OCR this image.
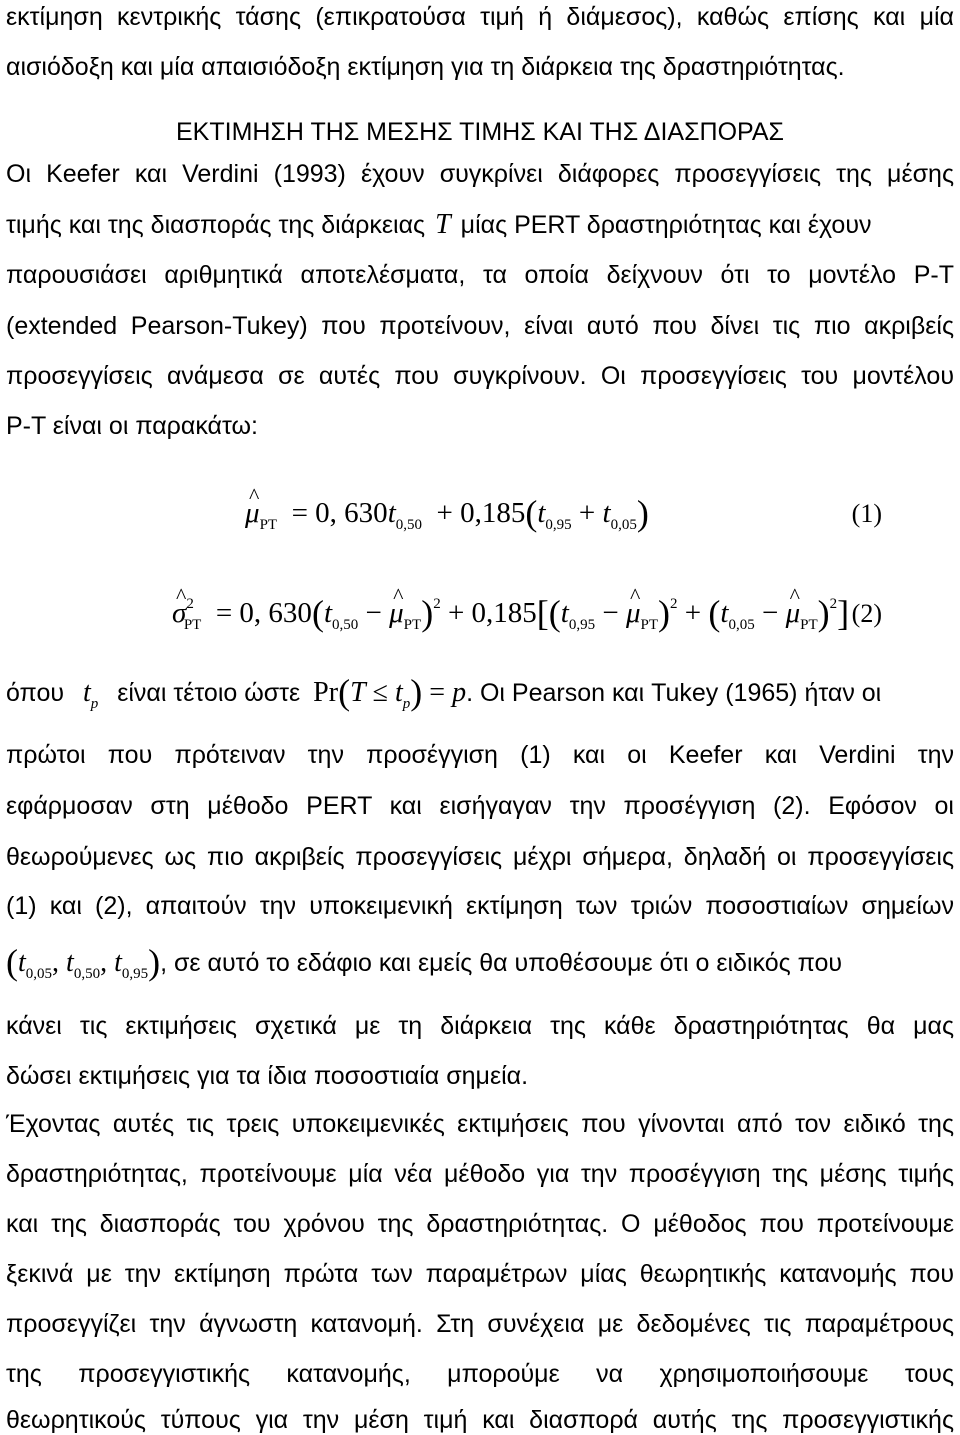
εκτίμηση κεντρικής τάσης (επικρατούσα τιμή ή διάμεσος), καθώς επίσης και μία
αισιόδοξη και μία απαισιόδοξη εκτίμηση για τη διάρκεια της δραστηριότητας.
ΕΚΤΙΜΗΣΗ ΤΗΣ ΜΕΣΗΣ ΤΙΜΗΣ ΚΑΙ ΤΗΣ ΔΙΑΣΠΟΡΑΣ
Οι Keefer και Verdini (1993) έχουν συγκρίνει διάφορες προσεγγίσεις της μέσης
τιμής και της διασποράς της διάρκειας T μίας PERT δραστηριότητας και έχουν
παρουσιάσει αριθμητικά αποτελέσματα, τα οποία δείχνουν ότι το μοντέλο P-T
(extended Pearson-Tukey) που προτείνουν, είναι αυτό που δίνει τις πιο ακριβείς
προσεγγίσεις ανάμεσα σε αυτές που συγκρίνουν. Οι προσεγγίσεις του μοντέλου
P-T είναι οι παρακάτω:
^ $\mu_{PT} = 0$, $630t_{0,50} + 0,185(t_{0,95} + t_{0,05})$	(1)
^ $\sigma^2_{PT} = 0$, $630(t_{0,50}$ − ^ $\mu_{PT})^2 + 0,185[(t_{0,95}$ − ^ $\mu_{PT})^2 + (t_{0,05}$ − ^ $\mu_{PT})^2$] (2)
όπου $t_p$ είναι τέτοιο ώστε $Pr(T \le t_p) = p$. Οι Pearson και Tukey (1965) ήταν οι
πρώτοι που πρότειναν την προσέγγιση (1) και οι Keefer και Verdini την
εφάρμοσαν στη μέθοδο PERT και εισήγαγαν την προσέγγιση (2). Εφόσον οι
θεωρούμενες ως πιο ακριβείς προσεγγίσεις μέχρι σήμερα, δηλαδή οι προσεγγίσεις
(1) και (2), απαιτούν την υποκειμενική εκτίμηση των τριών ποσοστιαίων σημείων
($t_{0,05}$, $t_{0,50}$, $t_{0,95}$), σε αυτό το εδάφιο και εμείς θα υποθέσουμε ότι ο ειδικός που
κάνει τις εκτιμήσεις σχετικά με τη διάρκεια της κάθε δραστηριότητας θα μας
δώσει εκτιμήσεις για τα ίδια ποσοστιαία σημεία.
Έχοντας αυτές τις τρεις υποκειμενικές εκτιμήσεις που γίνονται από τον ειδικό της
δραστηριότητας, προτείνουμε μία νέα μέθοδο για την προσέγγιση της μέσης τιμής
και της διασποράς του χρόνου της δραστηριότητας. Ο μέθοδος που προτείνουμε
ξεκινά με την εκτίμηση πρώτα των παραμέτρων μίας θεωρητικής κατανομής που
προσεγγίζει την άγνωστη κατανομή. Στη συνέχεια με δεδομένες τις παραμέτρους
της προσεγγιστικής κατανομής, μπορούμε να χρησιμοποιήσουμε τους
θεωρητικούς τύπους για την μέση τιμή και διασπορά αυτής της προσεγγιστικής
